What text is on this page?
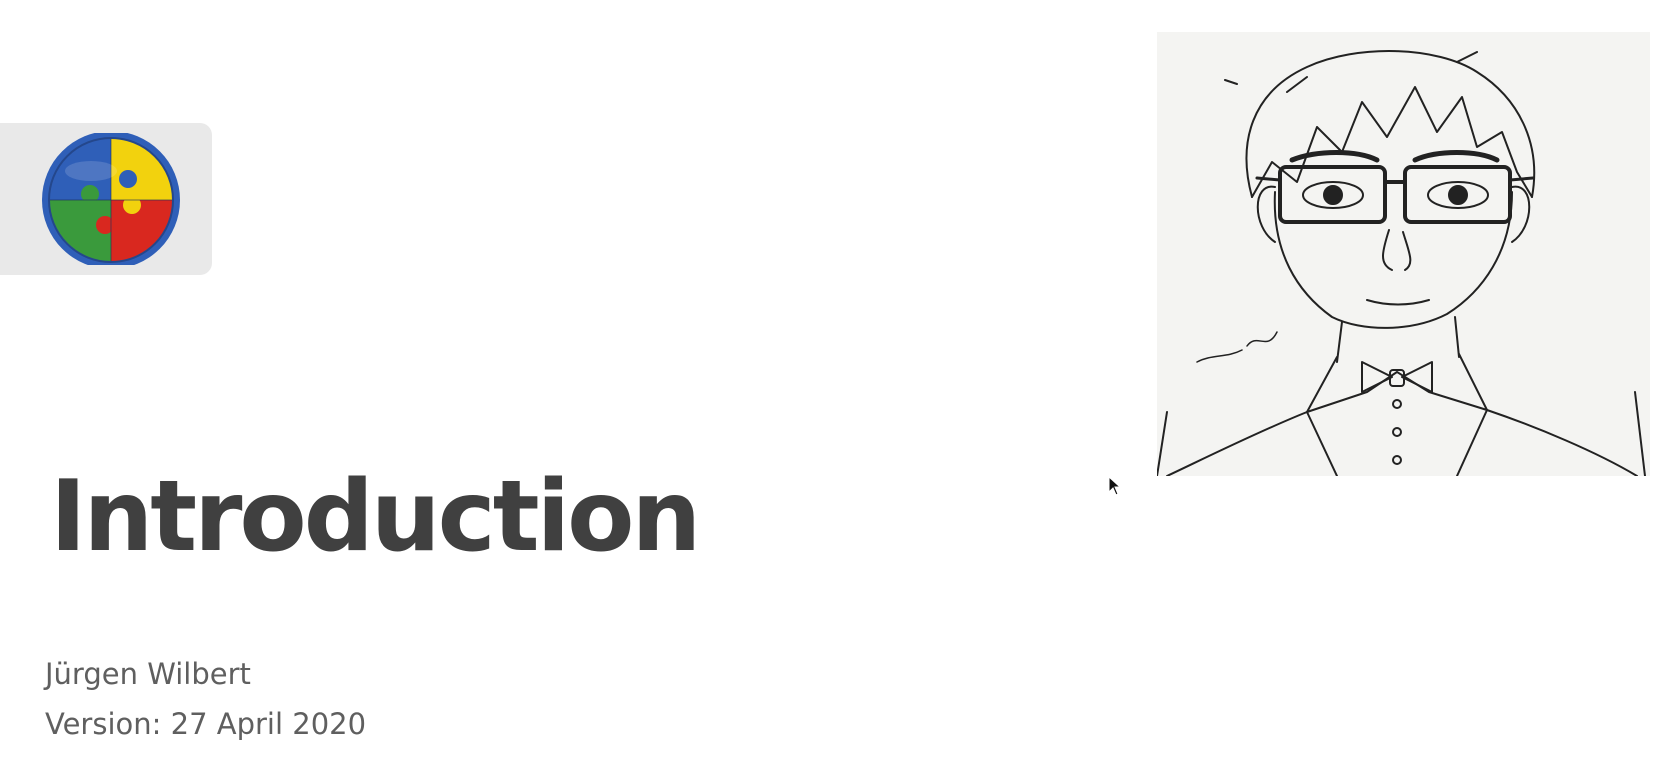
Introduction
Jürgen Wilbert
Version: 27 April 2020
